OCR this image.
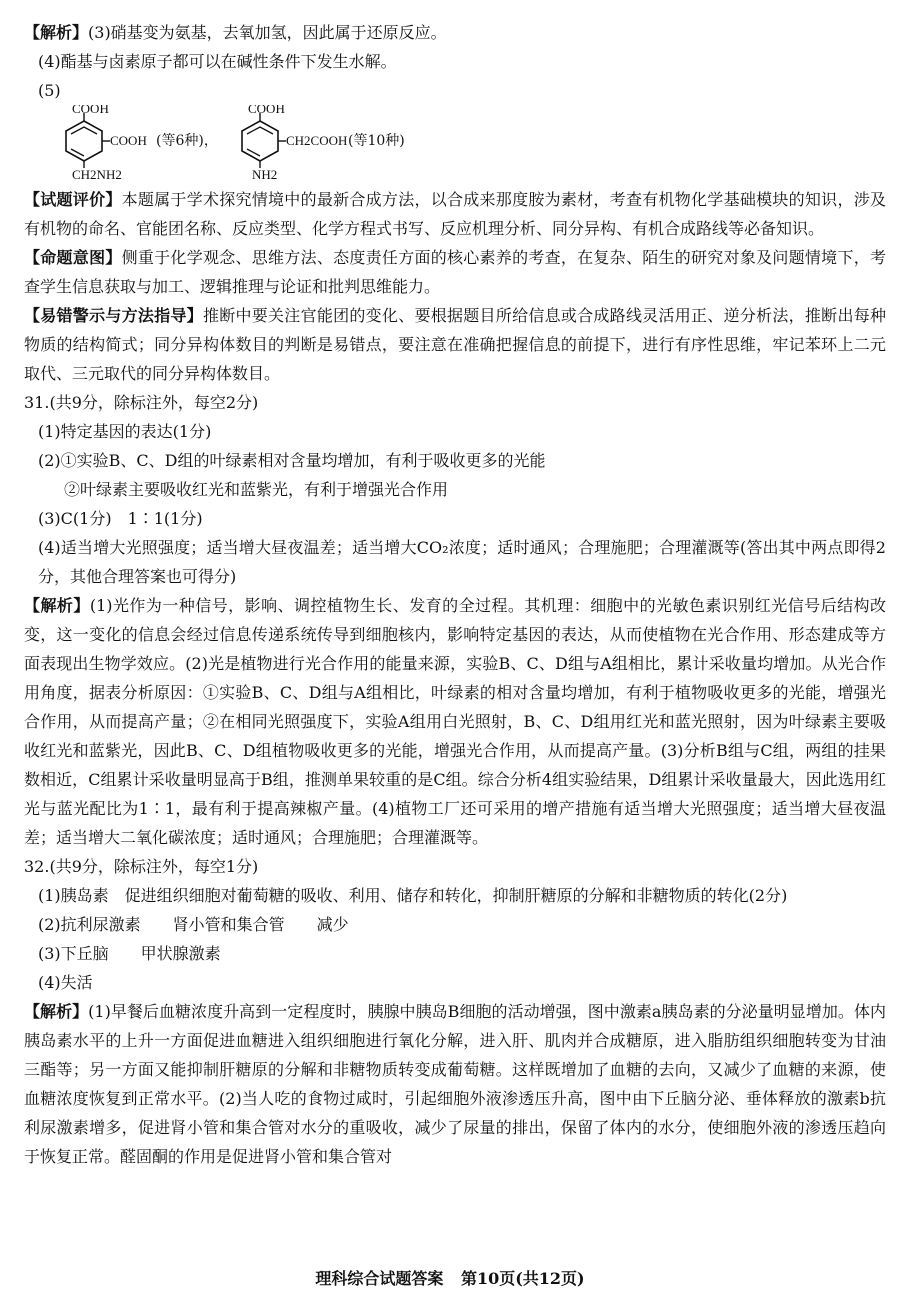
【解析】(3)硝基变为氨基，去氧加氢，因此属于还原反应。

(4)酯基与卤素原子都可以在碱性条件下发生水解。

(5)

COOH
COOH (等6种)，
CH2NH2
COOH
CH2COOH (等10种)
NH2

【试题评价】本题属于学术探究情境中的最新合成方法，以合成来那度胺为素材，考查有机物化学基础模块的知识，涉及有机物的命名、官能团名称、反应类型、化学方程式书写、反应机理分析、同分异构、有机合成路线等必备知识。

【命题意图】侧重于化学观念、思维方法、态度责任方面的核心素养的考查，在复杂、陌生的研究对象及问题情境下，考查学生信息获取与加工、逻辑推理与论证和批判思维能力。

【易错警示与方法指导】推断中要关注官能团的变化、要根据题目所给信息或合成路线灵活用正、逆分析法，推断出每种物质的结构简式；同分异构体数目的判断是易错点，要注意在准确把握信息的前提下，进行有序性思维，牢记苯环上二元取代、三元取代的同分异构体数目。

31.(共9分，除标注外，每空2分)

(1)特定基因的表达(1分)

(2)①实验B、C、D组的叶绿素相对含量均增加，有利于吸收更多的光能

②叶绿素主要吸收红光和蓝紫光，有利于增强光合作用

(3)C(1分)　1∶1(1分)

(4)适当增大光照强度；适当增大昼夜温差；适当增大CO₂浓度；适时通风；合理施肥；合理灌溉等(答出其中两点即得2分，其他合理答案也可得分)

【解析】(1)光作为一种信号，影响、调控植物生长、发育的全过程。其机理：细胞中的光敏色素识别红光信号后结构改变，这一变化的信息会经过信息传递系统传导到细胞核内，影响特定基因的表达，从而使植物在光合作用、形态建成等方面表现出生物学效应。(2)光是植物进行光合作用的能量来源，实验B、C、D组与A组相比，累计采收量均增加。从光合作用角度，据表分析原因：①实验B、C、D组与A组相比，叶绿素的相对含量均增加，有利于植物吸收更多的光能，增强光合作用，从而提高产量；②在相同光照强度下，实验A组用白光照射，B、C、D组用红光和蓝光照射，因为叶绿素主要吸收红光和蓝紫光，因此B、C、D组植物吸收更多的光能，增强光合作用，从而提高产量。(3)分析B组与C组，两组的挂果数相近，C组累计采收量明显高于B组，推测单果较重的是C组。综合分析4组实验结果，D组累计采收量最大，因此选用红光与蓝光配比为1∶1，最有利于提高辣椒产量。(4)植物工厂还可采用的增产措施有适当增大光照强度；适当增大昼夜温差；适当增大二氧化碳浓度；适时通风；合理施肥；合理灌溉等。

32.(共9分，除标注外，每空1分)

(1)胰岛素　促进组织细胞对葡萄糖的吸收、利用、储存和转化，抑制肝糖原的分解和非糖物质的转化(2分)

(2)抗利尿激素　　肾小管和集合管　　减少

(3)下丘脑　　甲状腺激素

(4)失活

【解析】(1)早餐后血糖浓度升高到一定程度时，胰腺中胰岛B细胞的活动增强，图中激素a胰岛素的分泌量明显增加。体内胰岛素水平的上升一方面促进血糖进入组织细胞进行氧化分解，进入肝、肌肉并合成糖原，进入脂肪组织细胞转变为甘油三酯等；另一方面又能抑制肝糖原的分解和非糖物质转变成葡萄糖。这样既增加了血糖的去向，又减少了血糖的来源，使血糖浓度恢复到正常水平。(2)当人吃的食物过咸时，引起细胞外液渗透压升高，图中由下丘脑分泌、垂体释放的激素b抗利尿激素增多，促进肾小管和集合管对水分的重吸收，减少了尿量的排出，保留了体内的水分，使细胞外液的渗透压趋向于恢复正常。醛固酮的作用是促进肾小管和集合管对

理科综合试题答案 第10页(共12页)
